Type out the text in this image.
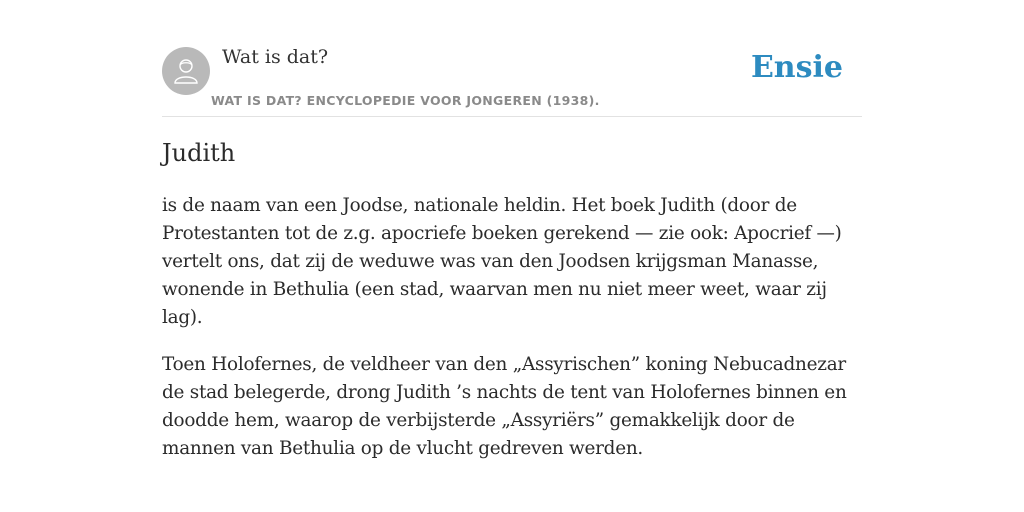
Wat is dat?
WAT IS DAT? ENCYCLOPEDIE VOOR JONGEREN (1938).
Ensie
Judith

is de naam van een Joodse, nationale heldin. Het boek Judith (door de Protestanten tot de z.g. apocriefe boeken gerekend — zie ook: Apocrief —) vertelt ons, dat zij de weduwe was van den Joodsen krijgsman Manasse, wonende in Bethulia (een stad, waarvan men nu niet meer weet, waar zij lag).

Toen Holofernes, de veldheer van den „Assyrischen” koning Nebucadnezar de stad belegerde, drong Judith ’s nachts de tent van Holofernes binnen en doodde hem, waarop de verbijsterde „Assyriërs” gemakkelijk door de mannen van Bethulia op de vlucht gedreven werden.
